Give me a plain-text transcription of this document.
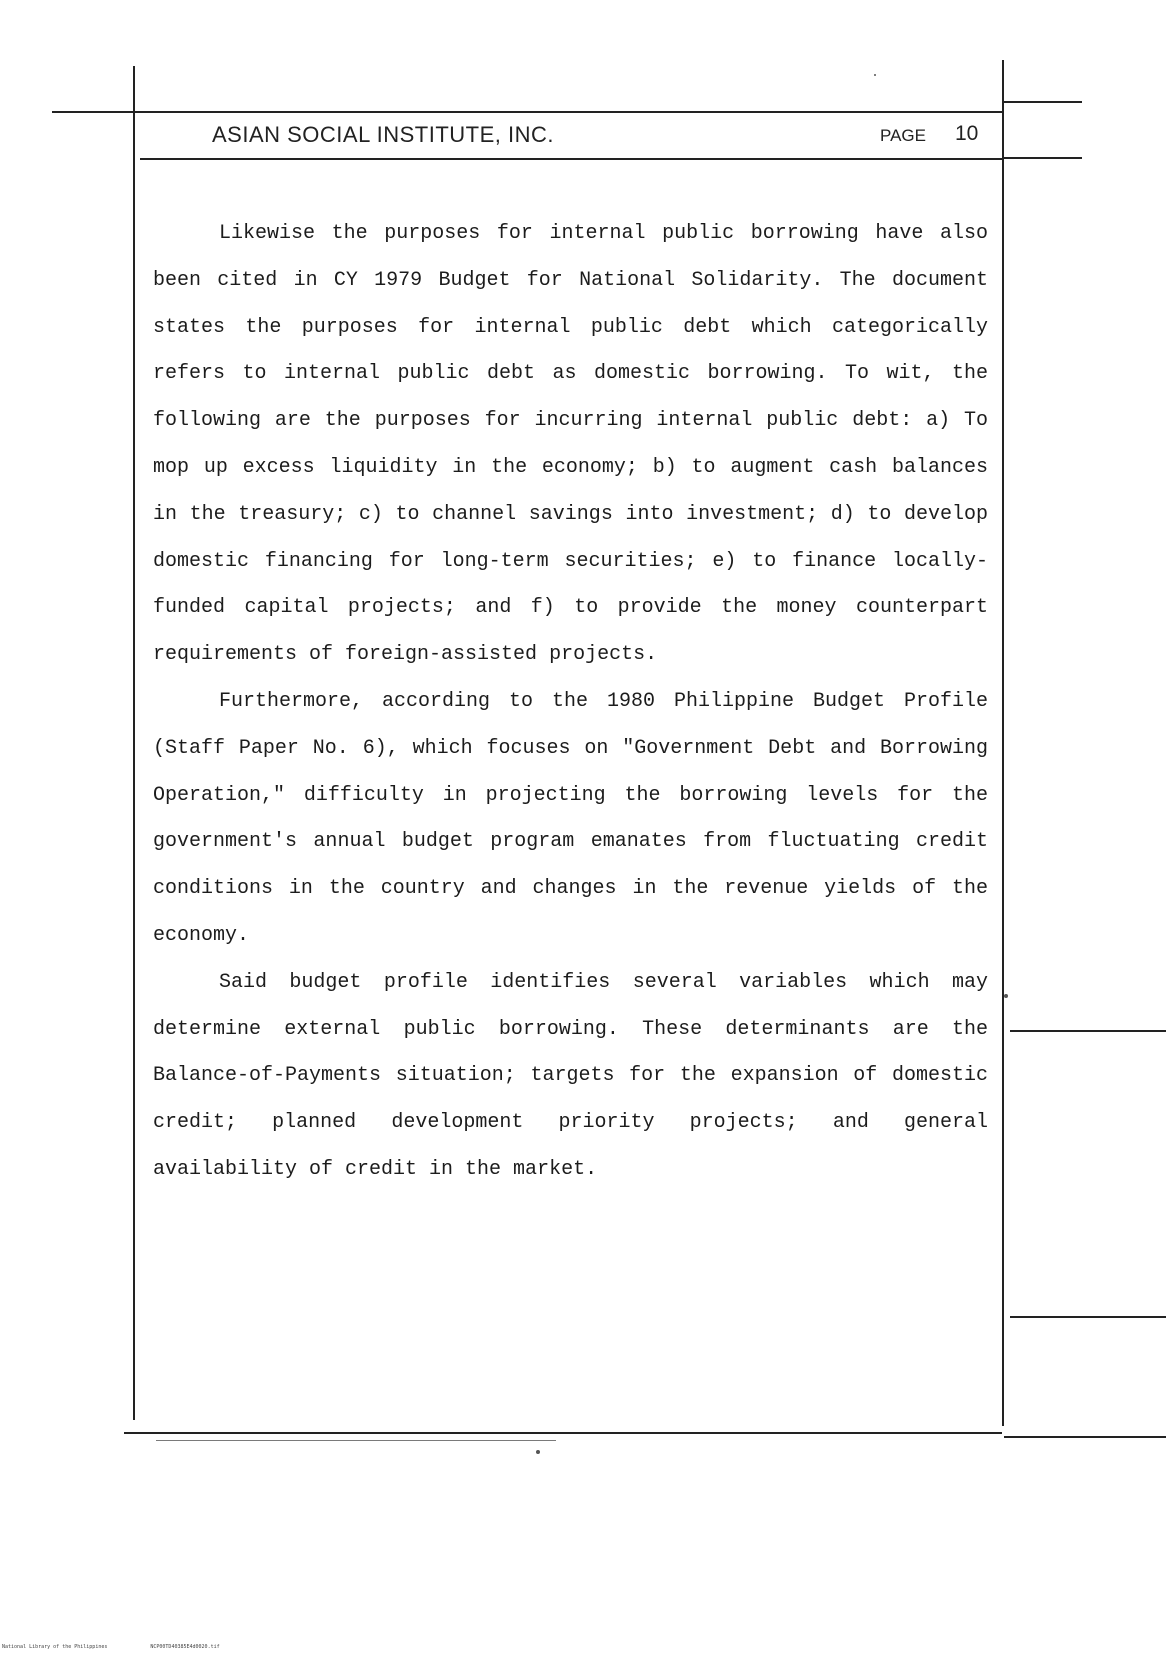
ASIAN SOCIAL INSTITUTE, INC.	PAGE 10

Likewise the purposes for internal public borrowing have also been cited in CY 1979 Budget for National Solidarity. The document states the purposes for internal public debt which categorically refers to internal public debt as domestic borrowing. To wit, the following are the purposes for incurring internal public debt: a) To mop up excess liquidity in the economy; b) to augment cash balances in the treasury; c) to channel savings into investment; d) to develop domestic financing for long-term securities; e) to finance locally-funded capital projects; and f) to provide the money counterpart requirements of foreign-assisted projects.

Furthermore, according to the 1980 Philippine Budget Profile (Staff Paper No. 6), which focuses on "Government Debt and Borrowing Operation," difficulty in projecting the borrowing levels for the government's annual budget program emanates from fluctuating credit conditions in the country and changes in the revenue yields of the economy.

Said budget profile identifies several variables which may determine external public borrowing. These determinants are the Balance-of-Payments situation; targets for the expansion of domestic credit; planned development priority projects; and general availability of credit in the market.

National Library of the Philippines	NCP00TD40385E4d0020.tif
